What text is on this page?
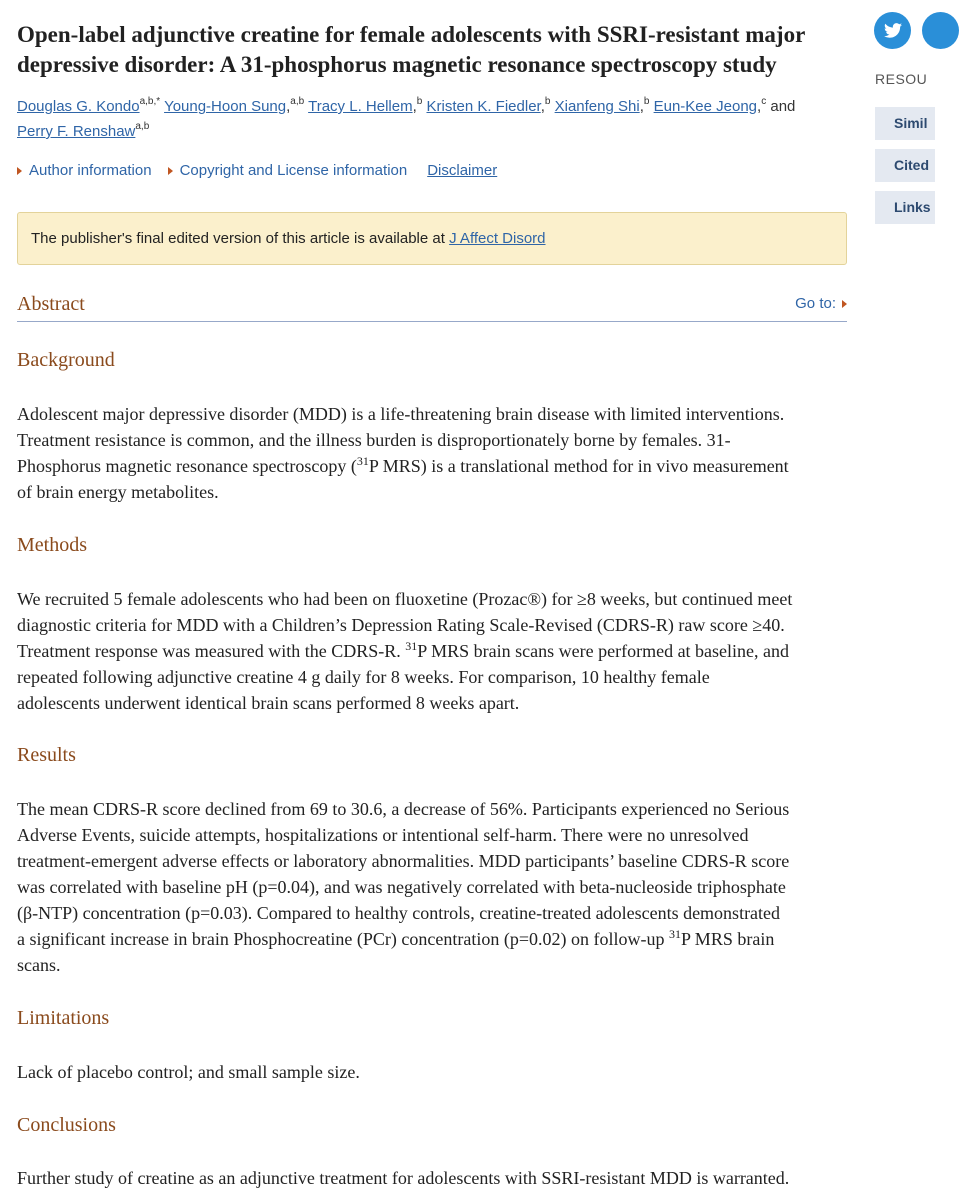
Open-label adjunctive creatine for female adolescents with SSRI-resistant major depressive disorder: A 31-phosphorus magnetic resonance spectroscopy study
Douglas G. Kondo$^{a,b,*}$ Young-Hoon Sung,$^{a,b}$ Tracy L. Hellem,$^b$ Kristen K. Fiedler,$^b$ Xianfeng Shi,$^b$ Eun-Kee Jeong,$^c$ and
Perry F. Renshaw$^{a,b}$
Author information Copyright and License information Disclaimer
The publisher's final edited version of this article is available at J Affect Disord
Abstract	Go to:
Background
Adolescent major depressive disorder (MDD) is a life-threatening brain disease with limited interventions.
Treatment resistance is common, and the illness burden is disproportionately borne by females. 31-
Phosphorus magnetic resonance spectroscopy ($^{31}$P MRS) is a translational method for in vivo measurement
of brain energy metabolites.
Methods
We recruited 5 female adolescents who had been on fluoxetine (Prozac®) for ≥8 weeks, but continued meet
diagnostic criteria for MDD with a Children’s Depression Rating Scale-Revised (CDRS-R) raw score ≥40.
Treatment response was measured with the CDRS-R. $^{31}$P MRS brain scans were performed at baseline, and
repeated following adjunctive creatine 4 g daily for 8 weeks. For comparison, 10 healthy female
adolescents underwent identical brain scans performed 8 weeks apart.
Results
The mean CDRS-R score declined from 69 to 30.6, a decrease of 56%. Participants experienced no Serious
Adverse Events, suicide attempts, hospitalizations or intentional self-harm. There were no unresolved
treatment-emergent adverse effects or laboratory abnormalities. MDD participants’ baseline CDRS-R score
was correlated with baseline pH (p=0.04), and was negatively correlated with beta-nucleoside triphosphate
(β-NTP) concentration (p=0.03). Compared to healthy controls, creatine-treated adolescents demonstrated
a significant increase in brain Phosphocreatine (PCr) concentration (p=0.02) on follow-up $^{31}$P MRS brain
scans.
Limitations
Lack of placebo control; and small sample size.
Conclusions
Further study of creatine as an adjunctive treatment for adolescents with SSRI-resistant MDD is warranted.
RESOU
Simil
Cited
Links
